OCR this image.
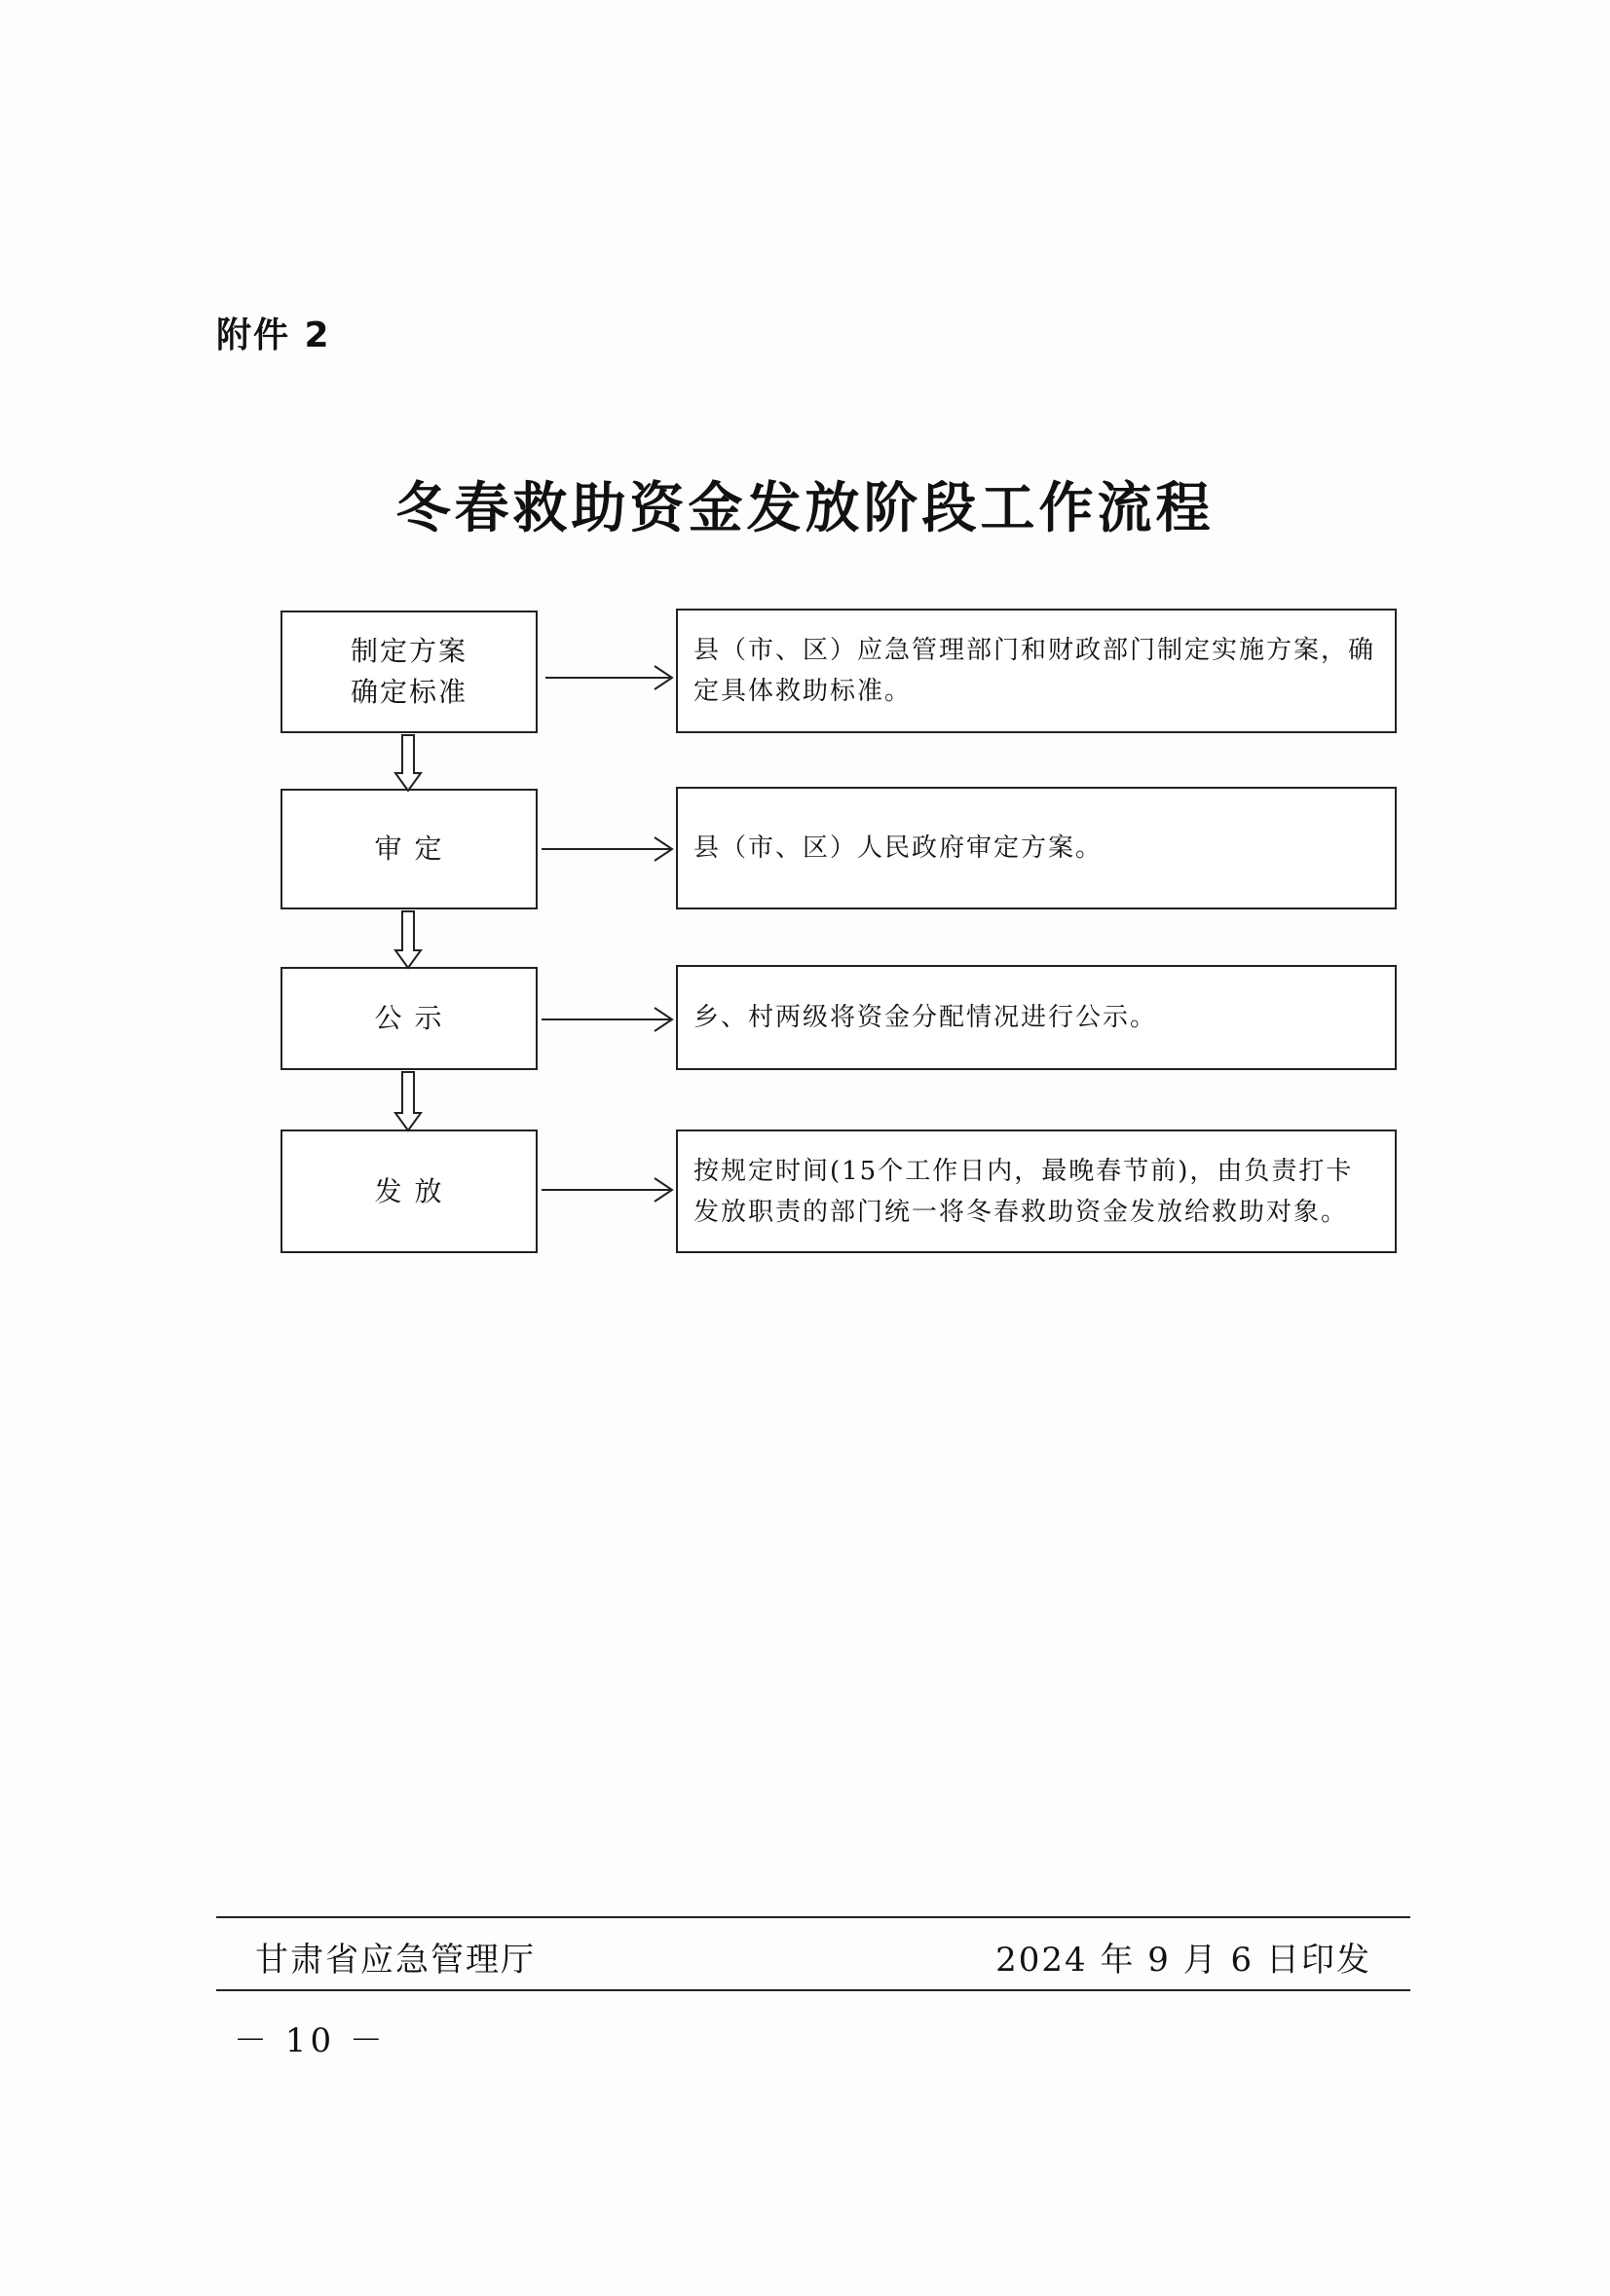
附件 2
冬春救助资金发放阶段工作流程
制定方案
确定标准
县（市、区）应急管理部门和财政部门制定实施方案，确定具体救助标准。
审 定	县（市、区）人民政府审定方案。
公 示	乡、村两级将资金分配情况进行公示。
发 放
按规定时间(15个工作日内，最晚春节前)，由负责打卡发放职责的部门统一将冬春救助资金发放给救助对象。
甘肃省应急管理厅	2024 年 9 月 6 日印发
－ 10 －
